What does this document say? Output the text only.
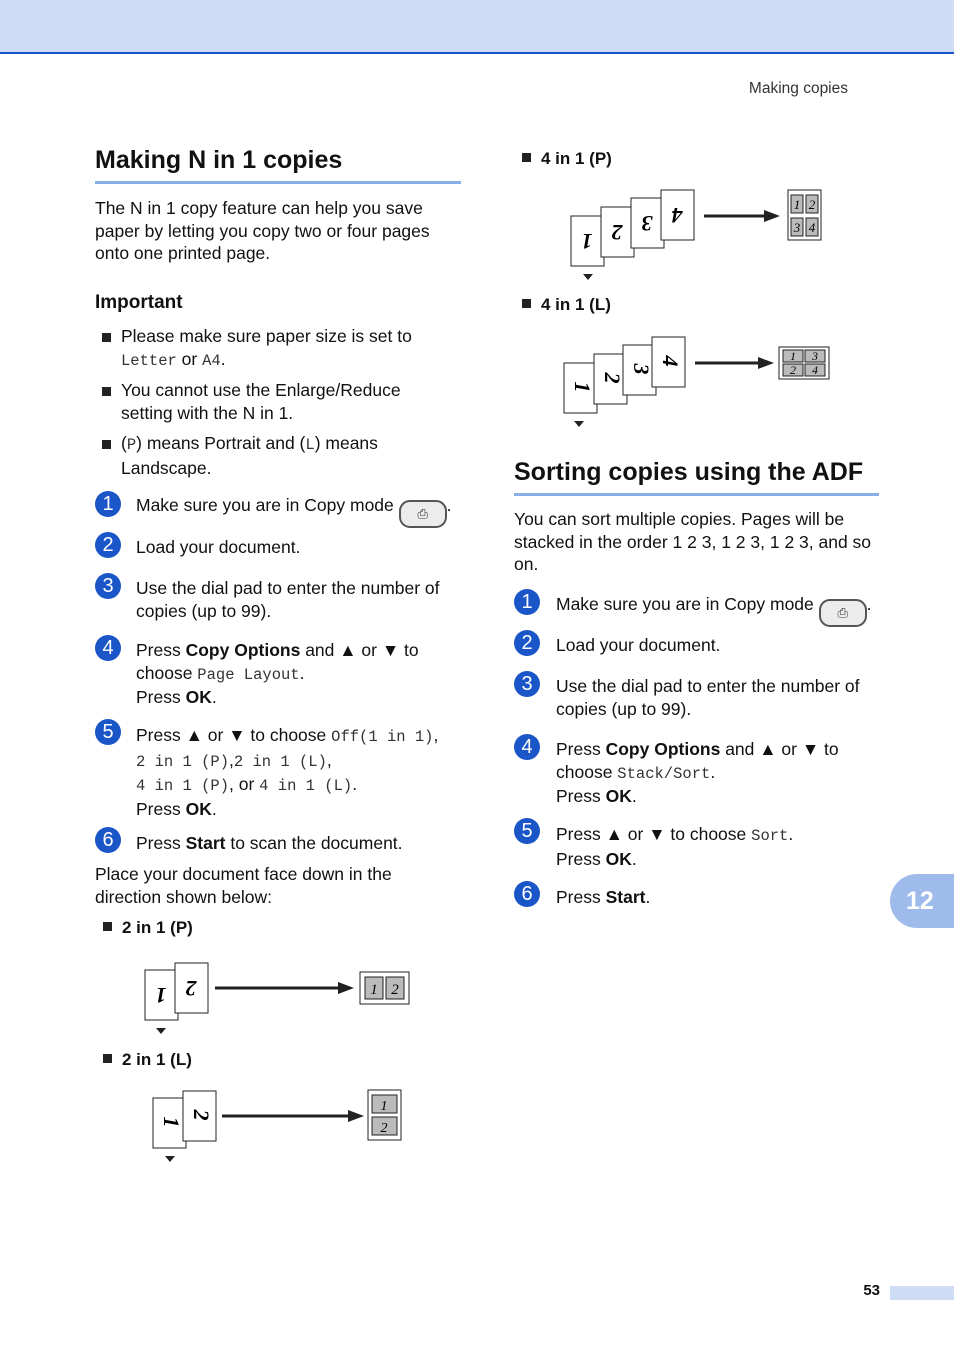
Making copies
Making N in 1 copies

The N in 1 copy feature can help you save paper by letting you copy two or four pages onto one printed page.

Important
Please make sure paper size is set to
Letter or A4.
You cannot use the Enlarge/Reduce setting with the N in 1.
(P) means Portrait and (L) means Landscape.
1	Make sure you are in Copy mode ⎙ .
2	Load your document.
3	Use the dial pad to enter the number of copies (up to 99).
4	Press Copy Options and ▲ or ▼ to
choose Page Layout.
Press OK.
5	Press ▲ or ▼ to choose Off(1 in 1),
2 in 1 (P),2 in 1 (L),
4 in 1 (P), or 4 in 1 (L).
Press OK.
6	Press Start to scan the document.

Place your document face down in the direction shown below:

2 in 1 (P)
1 2	1 2
2 in 1 (L)
1
2
1
2
4 in 1 (P)
1 2 3 4	1 2
3 4
4 in 1 (L)
1
2
3
4	1 3
2 4
Sorting copies using the ADF

You can sort multiple copies. Pages will be stacked in the order 1 2 3, 1 2 3, 1 2 3, and so on.

1	Make sure you are in Copy mode ⎙ .
2	Load your document.
3	Use the dial pad to enter the number of copies (up to 99).
4	Press Copy Options and ▲ or ▼ to
choose Stack/Sort.
Press OK.
5	Press ▲ or ▼ to choose Sort.
Press OK.
6	Press Start.	12
53
